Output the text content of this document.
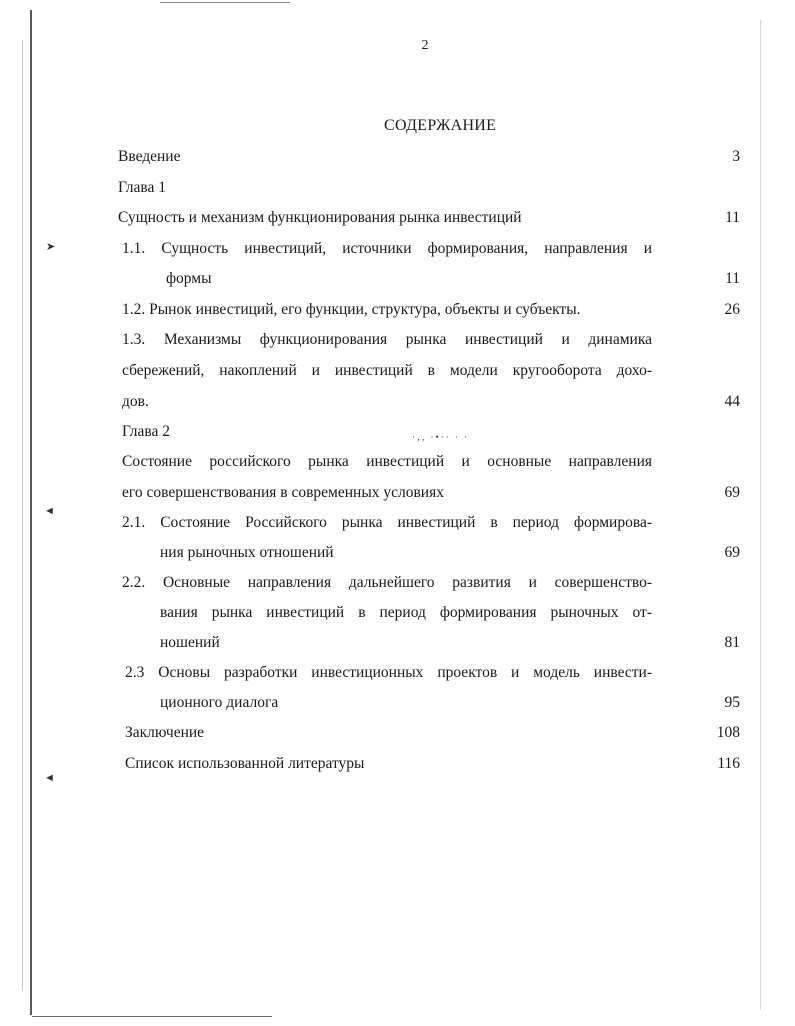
➤
◄
◄
·‚, ·•·· · ·
2
СОДЕРЖАНИЕ
Введение	3
Глава 1
Сущность и механизм функционирования рынка инвестиций	11
1.1. Сущность инвестиций, источники формирования, направления и
формы	11
1.2. Рынок инвестиций, его функции, структура, объекты и субъекты.	26
1.3. Механизмы функционирования рынка инвестиций и динамика
сбережений, накоплений и инвестиций в модели кругооборота дохо-
дов.	44
Глава 2
Состояние российского рынка инвестиций и основные направления
его совершенствования в современных условиях	69
2.1. Состояние Российского рынка инвестиций в период формирова-
ния рыночных отношений	69
2.2. Основные направления дальнейшего развития и совершенство-
вания рынка инвестиций в период формирования рыночных от-
ношений	81
2.3 Основы разработки инвестиционных проектов и модель инвести-
ционного диалога	95
Заключение	108
Список использованной литературы	116
